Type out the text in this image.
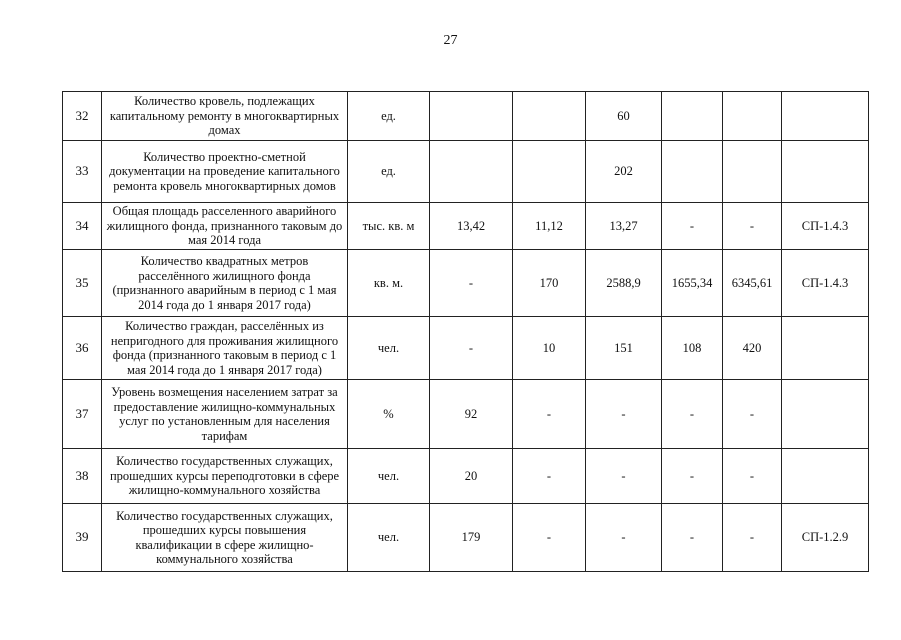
27
32	Количество кровель, подлежащих капитальному ремонту в многоквартирных домах	ед.			60			
33	Количество проектно-сметной документации на проведение капитального ремонта кровель многоквартирных домов	ед.			202			
34	Общая площадь расселенного аварийного жилищного фонда, признанного таковым до мая 2014 года	тыс. кв. м	13,42	11,12	13,27	-	-	СП-1.4.3
35	Количество квадратных метров расселённого жилищного фонда (признанного аварийным в период с 1 мая 2014 года до 1 января 2017 года)	кв. м.	-	170	2588,9	1655,34	6345,61	СП-1.4.3
36	Количество граждан, расселённых из непригодного для проживания жилищного фонда (признанного таковым в период с 1 мая 2014 года до 1 января 2017 года)	чел.	-	10	151	108	420	
37	Уровень возмещения населением затрат за предоставление жилищно-коммунальных услуг по установленным для населения тарифам	%	92	-	-	-	-	
38	Количество государственных служащих, прошедших курсы переподготовки в сфере жилищно-коммунального хозяйства	чел.	20	-	-	-	-	
39	Количество государственных служащих, прошедших курсы повышения квалификации в сфере жилищно-коммунального хозяйства	чел.	179	-	-	-	-	СП-1.2.9
